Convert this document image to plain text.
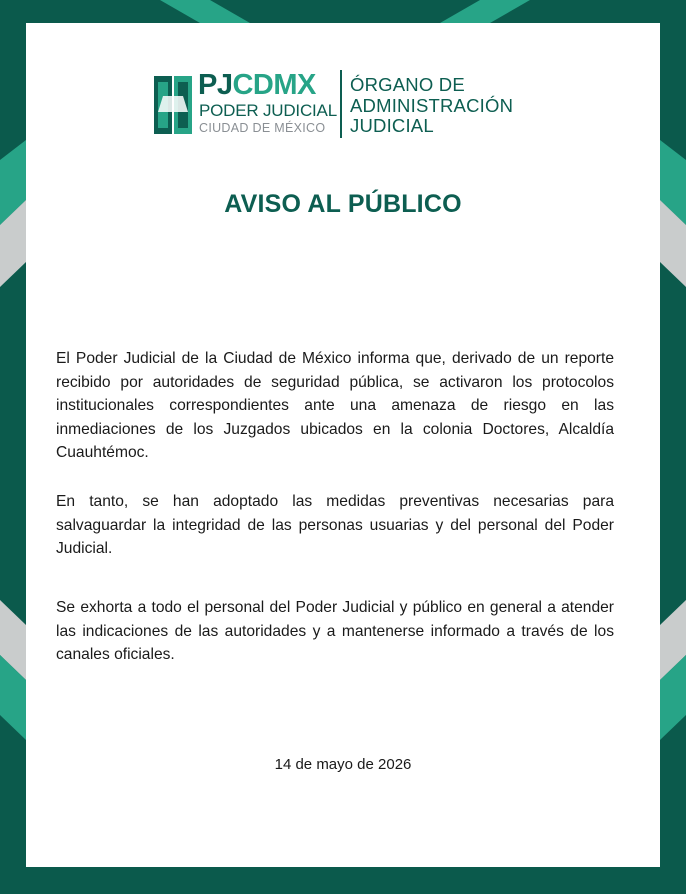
PJCDMX
PODER JUDICIAL
CIUDAD DE MÉXICO
ÓRGANO DE
ADMINISTRACIÓN
JUDICIAL
AVISO AL PÚBLICO

El Poder Judicial de la Ciudad de México informa que, derivado de un reporte recibido por autoridades de seguridad pública, se activaron los protocolos institucionales correspondientes ante una amenaza de riesgo en las inmediaciones de los Juzgados ubicados en la colonia Doctores, Alcaldía Cuauhtémoc.

En tanto, se han adoptado las medidas preventivas necesarias para salvaguardar la integridad de las personas usuarias y del personal del Poder Judicial.

Se exhorta a todo el personal del Poder Judicial y público en general a atender las indicaciones de las autoridades y a mantenerse informado a través de los canales oficiales.

14 de mayo de 2026
